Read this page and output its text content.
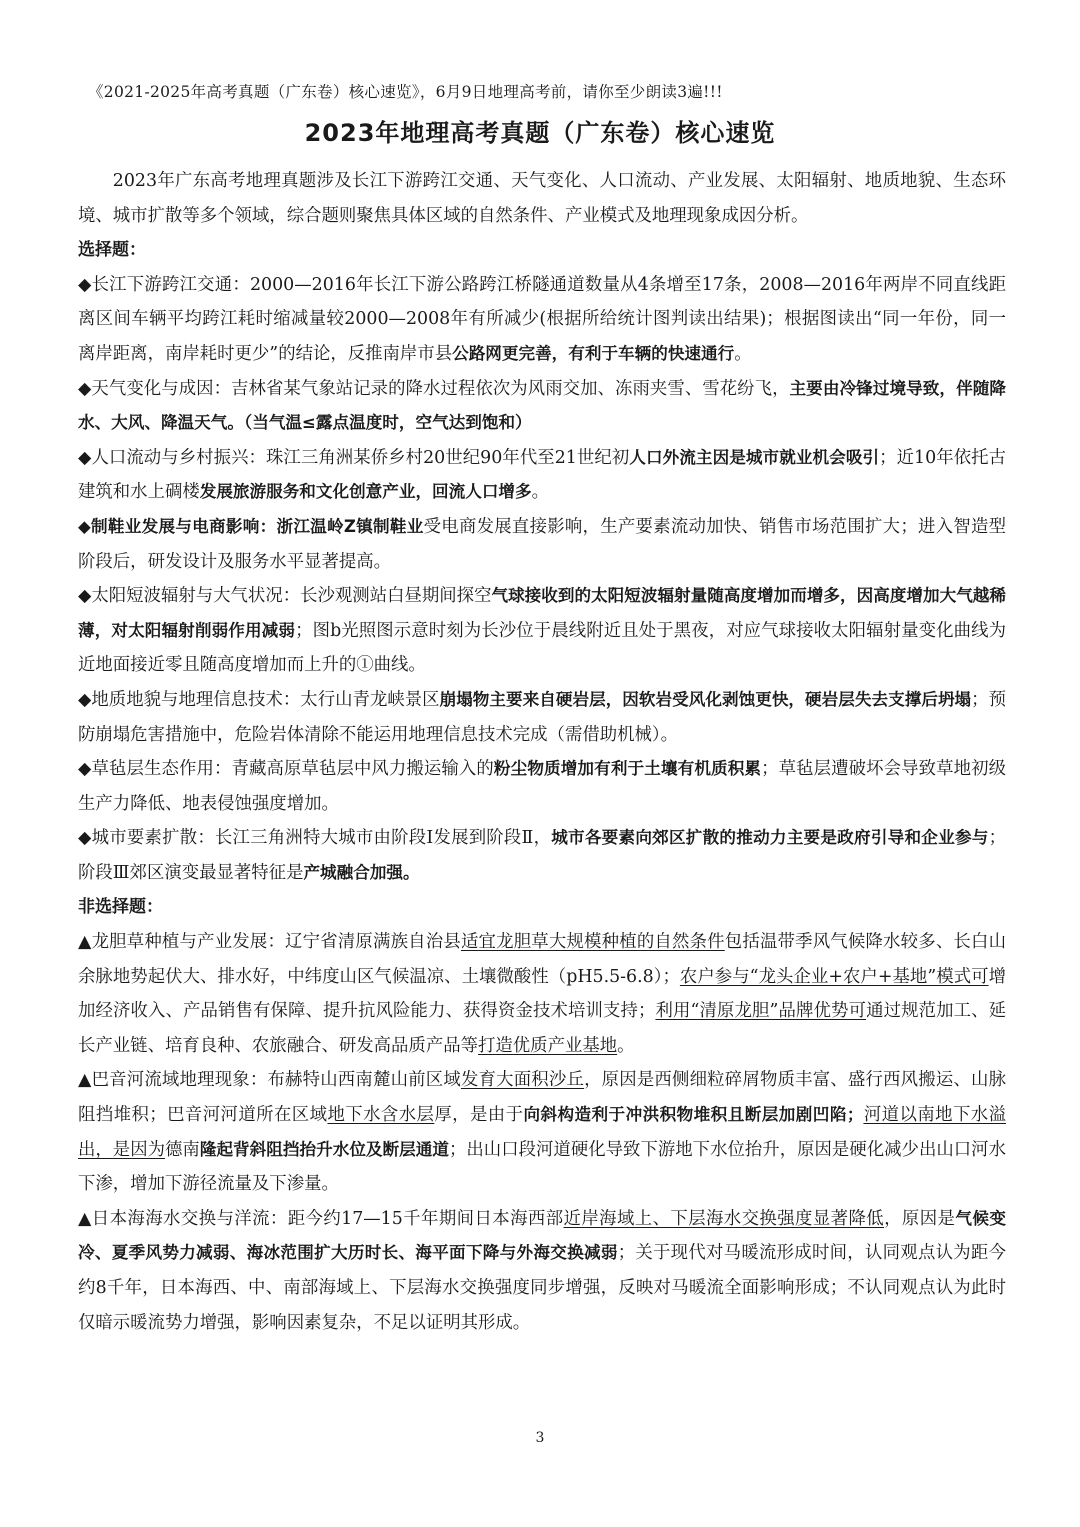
《2021-2025年高考真题（广东卷）核心速览》，6月9日地理高考前，请你至少朗读3遍!!!
2023年地理高考真题（广东卷）核心速览

2023年广东高考地理真题涉及长江下游跨江交通、天气变化、人口流动、产业发展、太阳辐射、地质地貌、生态环境、城市扩散等多个领域，综合题则聚焦具体区域的自然条件、产业模式及地理现象成因分析。

选择题：

◆长江下游跨江交通：2000—2016年长江下游公路跨江桥隧通道数量从4条增至17条，2008—2016年两岸不同直线距离区间车辆平均跨江耗时缩减量较2000—2008年有所减少(根据所给统计图判读出结果)；根据图读出“同一年份，同一离岸距离，南岸耗时更少”的结论，反推南岸市县公路网更完善，有利于车辆的快速通行。

◆天气变化与成因：吉林省某气象站记录的降水过程依次为风雨交加、冻雨夹雪、雪花纷飞，主要由冷锋过境导致，伴随降水、大风、降温天气。（当气温≤露点温度时，空气达到饱和）

◆人口流动与乡村振兴：珠江三角洲某侨乡村20世纪90年代至21世纪初人口外流主因是城市就业机会吸引；近10年依托古建筑和水上碉楼发展旅游服务和文化创意产业，回流人口增多。

◆制鞋业发展与电商影响：浙江温岭Z镇制鞋业受电商发展直接影响，生产要素流动加快、销售市场范围扩大；进入智造型阶段后，研发设计及服务水平显著提高。

◆太阳短波辐射与大气状况：长沙观测站白昼期间探空气球接收到的太阳短波辐射量随高度增加而增多，因高度增加大气越稀薄，对太阳辐射削弱作用减弱；图b光照图示意时刻为长沙位于晨线附近且处于黑夜，对应气球接收太阳辐射量变化曲线为近地面接近零且随高度增加而上升的①曲线。

◆地质地貌与地理信息技术：太行山青龙峡景区崩塌物主要来自硬岩层，因软岩受风化剥蚀更快，硬岩层失去支撑后坍塌；预防崩塌危害措施中，危险岩体清除不能运用地理信息技术完成（需借助机械）。

◆草毡层生态作用：青藏高原草毡层中风力搬运输入的粉尘物质增加有利于土壤有机质积累；草毡层遭破坏会导致草地初级生产力降低、地表侵蚀强度增加。

◆城市要素扩散：长江三角洲特大城市由阶段Ⅰ发展到阶段Ⅱ，城市各要素向郊区扩散的推动力主要是政府引导和企业参与；阶段Ⅲ郊区演变最显著特征是产城融合加强。

非选择题：

▲龙胆草种植与产业发展：辽宁省清原满族自治县适宜龙胆草大规模种植的自然条件包括温带季风气候降水较多、长白山余脉地势起伏大、排水好，中纬度山区气候温凉、土壤微酸性（pH5.5-6.8）；农户参与“龙头企业+农户+基地”模式可增加经济收入、产品销售有保障、提升抗风险能力、获得资金技术培训支持；利用“清原龙胆”品牌优势可通过规范加工、延长产业链、培育良种、农旅融合、研发高品质产品等打造优质产业基地。

▲巴音河流域地理现象：布赫特山西南麓山前区域发育大面积沙丘，原因是西侧细粒碎屑物质丰富、盛行西风搬运、山脉阻挡堆积；巴音河河道所在区域地下水含水层厚，是由于向斜构造利于冲洪积物堆积且断层加剧凹陷；河道以南地下水溢出，是因为德南隆起背斜阻挡抬升水位及断层通道；出山口段河道硬化导致下游地下水位抬升，原因是硬化减少出山口河水下渗，增加下游径流量及下渗量。

▲日本海海水交换与洋流：距今约17—15千年期间日本海西部近岸海域上、下层海水交换强度显著降低，原因是气候变冷、夏季风势力减弱、海冰范围扩大历时长、海平面下降与外海交换减弱；关于现代对马暖流形成时间，认同观点认为距今约8千年，日本海西、中、南部海域上、下层海水交换强度同步增强，反映对马暖流全面影响形成；不认同观点认为此时仅暗示暖流势力增强，影响因素复杂，不足以证明其形成。

3
